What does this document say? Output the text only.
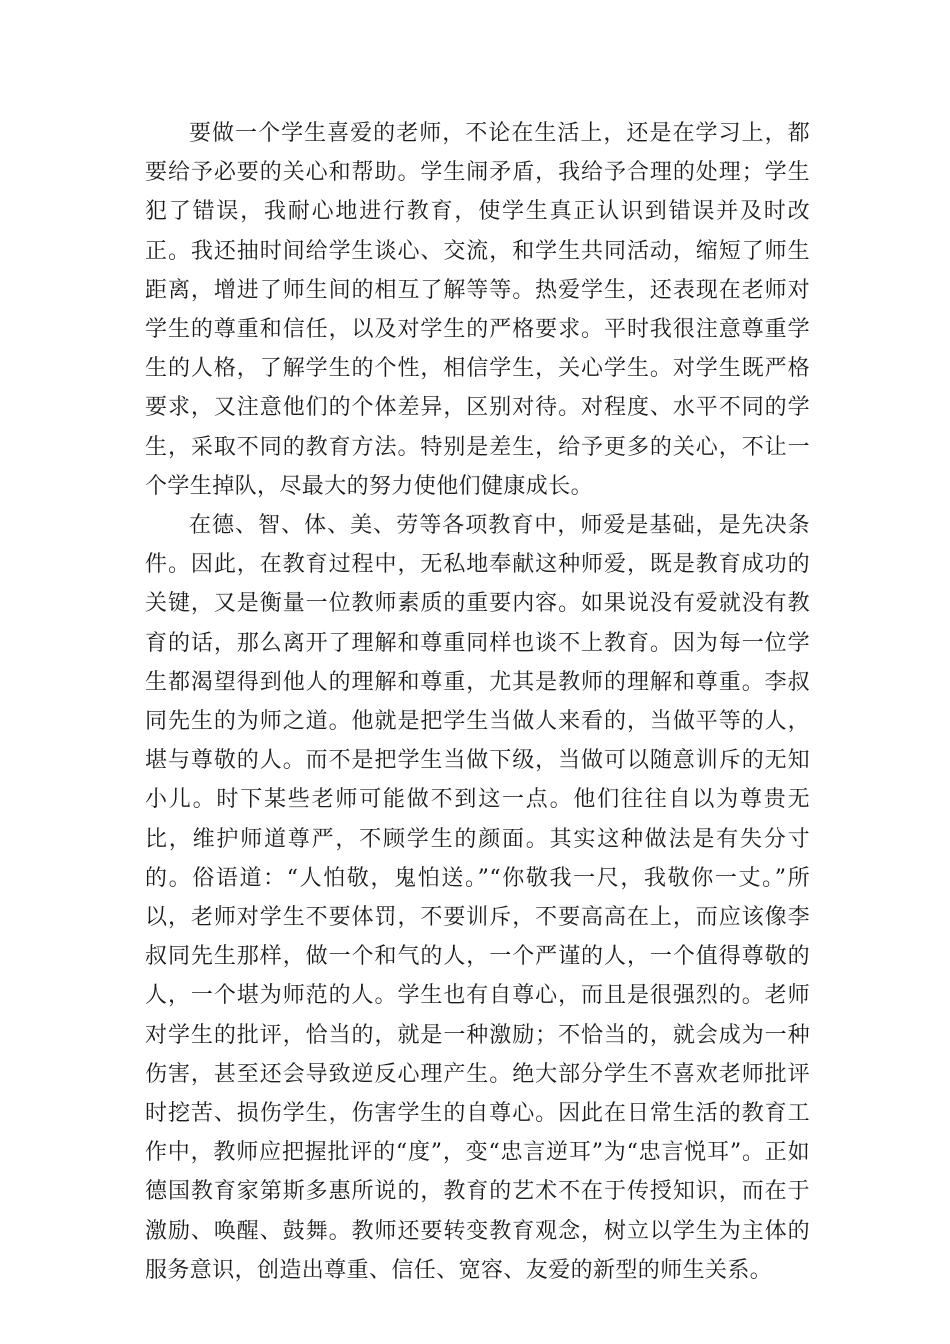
要做一个学生喜爱的老师，不论在生活上，还是在学习上，都要给予必要的关心和帮助。学生闹矛盾，我给予合理的处理；学生犯了错误，我耐心地进行教育，使学生真正认识到错误并及时改正。我还抽时间给学生谈心、交流，和学生共同活动，缩短了师生距离，增进了师生间的相互了解等等。热爱学生，还表现在老师对学生的尊重和信任，以及对学生的严格要求。平时我很注意尊重学生的人格，了解学生的个性，相信学生，关心学生。对学生既严格要求，又注意他们的个体差异，区别对待。对程度、水平不同的学生，采取不同的教育方法。特别是差生，给予更多的关心，不让一个学生掉队，尽最大的努力使他们健康成长。

在德、智、体、美、劳等各项教育中，师爱是基础，是先决条件。因此，在教育过程中，无私地奉献这种师爱，既是教育成功的关键，又是衡量一位教师素质的重要内容。如果说没有爱就没有教育的话，那么离开了理解和尊重同样也谈不上教育。因为每一位学生都渴望得到他人的理解和尊重，尤其是教师的理解和尊重。李叔同先生的为师之道。他就是把学生当做人来看的，当做平等的人，堪与尊敬的人。而不是把学生当做下级，当做可以随意训斥的无知小儿。时下某些老师可能做不到这一点。他们往往自以为尊贵无比，维护师道尊严，不顾学生的颜面。其实这种做法是有失分寸的。俗语道：“人怕敬，鬼怕送。”“你敬我一尺，我敬你一丈。”所以，老师对学生不要体罚，不要训斥，不要高高在上，而应该像李叔同先生那样，做一个和气的人，一个严谨的人，一个值得尊敬的人，一个堪为师范的人。学生也有自尊心，而且是很强烈的。老师对学生的批评，恰当的，就是一种激励；不恰当的，就会成为一种伤害，甚至还会导致逆反心理产生。绝大部分学生不喜欢老师批评时挖苦、损伤学生，伤害学生的自尊心。因此在日常生活的教育工作中，教师应把握批评的“度”，变“忠言逆耳”为“忠言悦耳”。正如德国教育家第斯多惠所说的，教育的艺术不在于传授知识，而在于激励、唤醒、鼓舞。教师还要转变教育观念，树立以学生为主体的服务意识，创造出尊重、信任、宽容、友爱的新型的师生关系。
